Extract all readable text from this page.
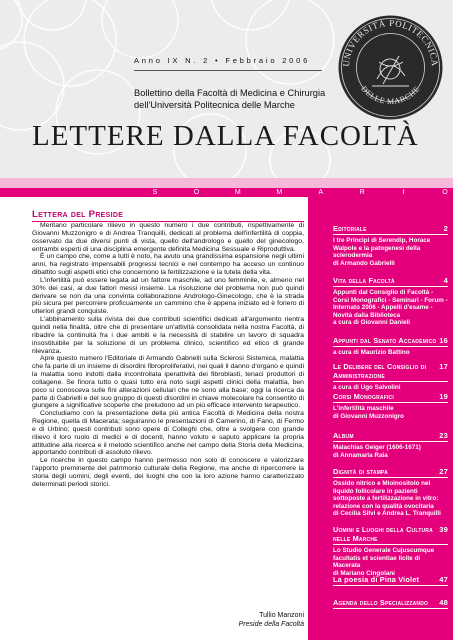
Anno IX N. 2 • Febbraio 2006
Bollettino della Facoltà di Medicina e Chirurgia
dell'Università Politecnica delle Marche
LETTERE DALLA FACOLTÀ
UNIVERSITÀ POLITECNICA
DELLE MARCHE
S	O	M	M	A	R	I	O
Lettera del Preside

Meritano particolare rilievo in questo numero i due contributi, rispettivamente di Giovanni Muzzonigro e di Andrea Tranquilli, dedicati al problema dell'infertilità di coppia, osservato da due diversi punti di vista, quello dell'andrologo e quello del ginecologo, entrambi esperti di una disciplina emergente definita Medicina Sessuale e Riproduttiva.

È un campo che, come a tutti è noto, ha avuto una grandissima espansione negli ultimi anni, ha registrato impensabili progressi tecnici e nel contempo ha acceso un continuo dibattito sugli aspetti etici che concernono la fertilizzazione e la tutela della vita.

L'infertilità può essere legata ad un fattore maschile, ad uno femminile, e, almeno nel 30% dei casi, ai due fattori messi insieme. La risoluzione del problema non può quindi derivare se non da una convinta collaborazione Andrologo-Ginecologo, che è la strada più sicura per percorrere proficuamente un cammino che è appena iniziato ed è foriero di ulteriori grandi conquiste.

L'abbinamento sulla rivista dei due contributi scientifici dedicati all'argomento rientra quindi nella finalità, oltre che di presentare un'attività consolidata nella nostra Facoltà, di ribadire la continuità fra i due ambiti e la necessità di stabilire un lavoro di squadra insostituibile per la soluzione di un problema clinico, scientifico ed etico di grande rilevanza.

Apre questo numero l'Editoriale di Armando Gabrielli sulla Sclerosi Sistemica, malattia che fa parte di un insieme di disordini fibroproliferativi, nei quali il danno d'organo e quindi la malattia sono indotti dalla incontrollata iperattività dei fibroblasti, tenaci produttori di collagene. Se finora tutto o quasi tutto era noto sugli aspetti clinici della malattia, ben poco si conosceva sulle fini alterazioni cellulari che ne sono alla base; oggi la ricerca da parte di Gabrielli e del suo gruppo di questi disordini in chiave molecolare ha consentito di giungere a significative scoperte che preludono ad un più efficace intervento terapeutico.

Concludiamo con la presentazione della più antica Facoltà di Medicina della nostra Regione, quella di Macerata; seguiranno le presentazioni di Camerino, di Fano, di Fermo e di Urbino; questi contributi sono opere di Colleghi che, oltre a svolgere con grande rilievo il loro ruolo di medici e di docenti, hanno voluto e saputo applicare la propria attitudine alla ricerca e il metodo scientifico anche nel campo della Storia della Medicina, apportando contributi di assoluto rilievo.

Le ricerche in questo campo hanno permesso non solo di conoscere e valorizzare l'apporto preminente del patrimonio culturale della Regione, ma anche di ripercorrere la storia degli uomini, degli eventi, dei luoghi che con la loro azione hanno caratterizzato determinati periodi storici.

Tullio Manzoni
Preside della Facoltà
Editoriale	2
I tre Principi di Serendip, Horace Walpole e la patogenesi della sclerodermia
di Armando Gabrielli
Vita della Facoltà	4
Appunti dal Consiglio di Facoltà - Corsi Monografici - Seminari - Forum - Internato 2006 - Appelli d'esame - Novità dalla Biblioteca
a cura di Giovanni Danieli
Appunti dal Senato Accademico 16
a cura di Maurizio Battino
Le Delibere del Consiglio di Amministrazione
17
a cura di Ugo Salvolini
Corsi Monografici	19
L'infertilità maschile
di Giovanni Muzzonigro
Album	23
Malachias Geiger (1606-1671)
di Annamaria Raia
Dignità di stampa	27
Ossido nitrico e Mioinositolo nel liquido follicolare in pazienti sottoposte a fertilizzazione in vitro: relazione con la qualità ovocitaria
di Cecilia Silvi e Andrea L. Tranquilli
Uomini e Luoghi della Cultura nelle Marche
39
Lo Studio Generale Cujuscumque facultatis et scientiae licite di Macerata
di Mariano Cingolani
La poesia di Pina Violet	47
Agenda dello Specializzando 48
